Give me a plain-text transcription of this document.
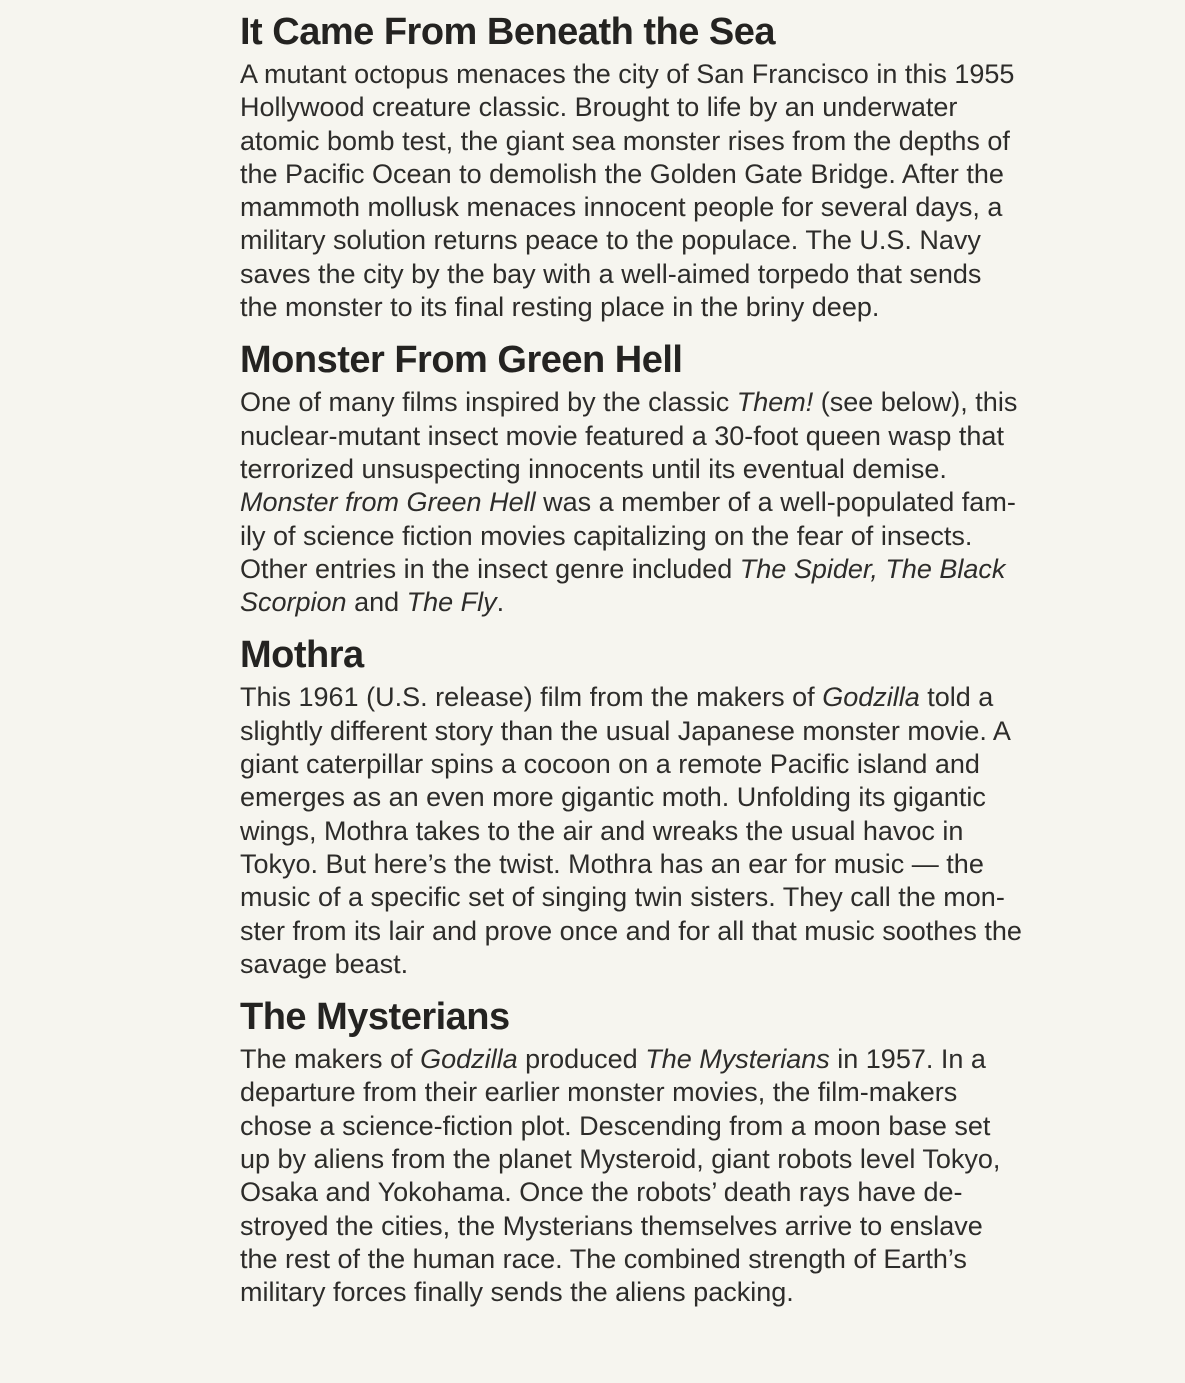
It Came From Beneath the Sea

A mutant octopus menaces the city of San Francisco in this 1955
Hollywood creature classic. Brought to life by an underwater
atomic bomb test, the giant sea monster rises from the depths of
the Pacific Ocean to demolish the Golden Gate Bridge. After the
mammoth mollusk menaces innocent people for several days, a
military solution returns peace to the populace. The U.S. Navy
saves the city by the bay with a well-aimed torpedo that sends
the monster to its final resting place in the briny deep.

Monster From Green Hell

One of many films inspired by the classic Them! (see below), this
nuclear-mutant insect movie featured a 30-foot queen wasp that
terrorized unsuspecting innocents until its eventual demise.
Monster from Green Hell was a member of a well-populated fam-
ily of science fiction movies capitalizing on the fear of insects.
Other entries in the insect genre included The Spider, The Black
Scorpion and The Fly.

Mothra

This 1961 (U.S. release) film from the makers of Godzilla told a
slightly different story than the usual Japanese monster movie. A
giant caterpillar spins a cocoon on a remote Pacific island and
emerges as an even more gigantic moth. Unfolding its gigantic
wings, Mothra takes to the air and wreaks the usual havoc in
Tokyo. But here’s the twist. Mothra has an ear for music — the
music of a specific set of singing twin sisters. They call the mon-
ster from its lair and prove once and for all that music soothes the
savage beast.

The Mysterians

The makers of Godzilla produced The Mysterians in 1957. In a
departure from their earlier monster movies, the film-makers
chose a science-fiction plot. Descending from a moon base set
up by aliens from the planet Mysteroid, giant robots level Tokyo,
Osaka and Yokohama. Once the robots’ death rays have de-
stroyed the cities, the Mysterians themselves arrive to enslave
the rest of the human race. The combined strength of Earth’s
military forces finally sends the aliens packing.
